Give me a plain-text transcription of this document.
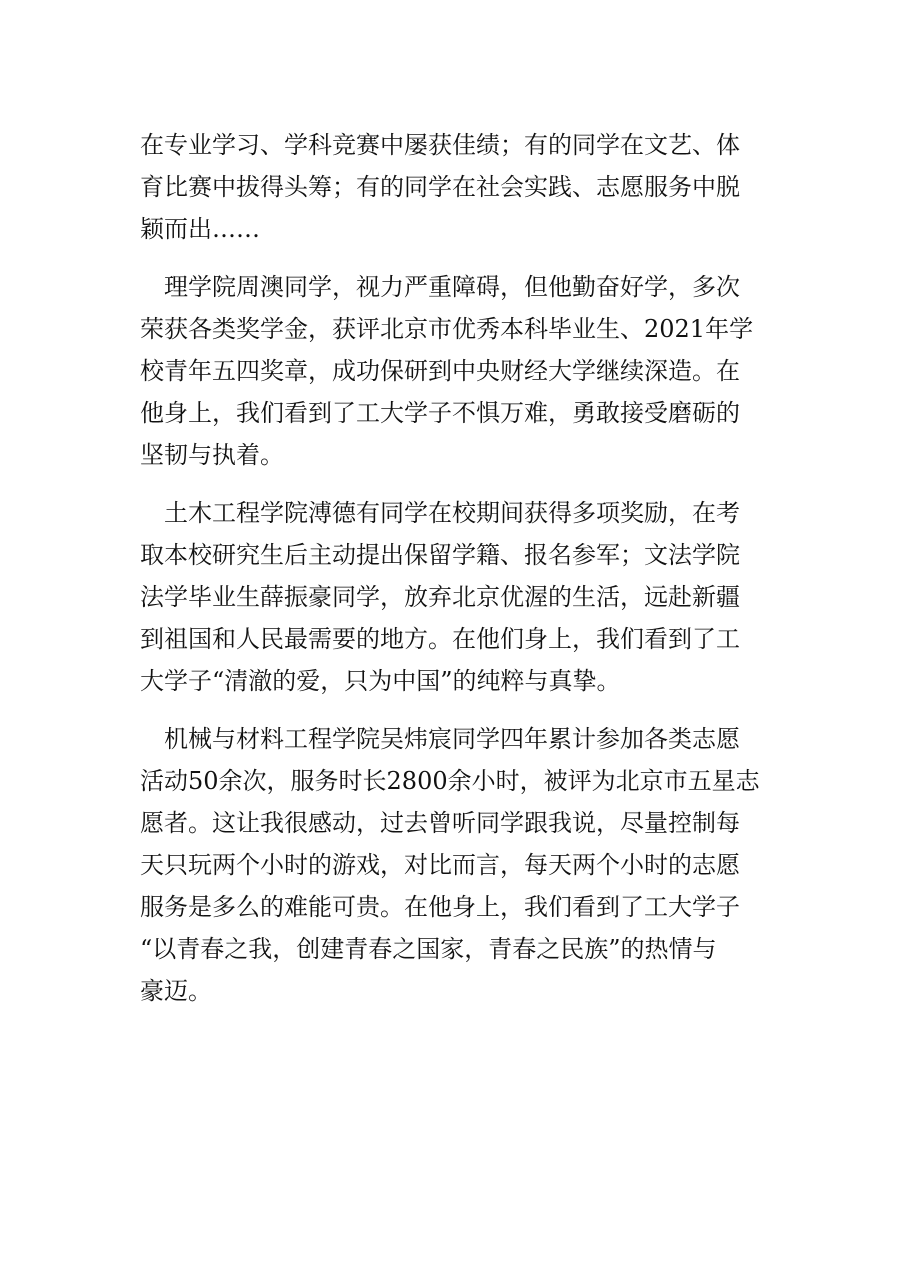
在专业学习、学科竞赛中屡获佳绩；有的同学在文艺、体
育比赛中拔得头筹；有的同学在社会实践、志愿服务中脱
颖而出……

　理学院周澳同学，视力严重障碍，但他勤奋好学，多次
荣获各类奖学金，获评北京市优秀本科毕业生、2021年学
校青年五四奖章，成功保研到中央财经大学继续深造。在
他身上，我们看到了工大学子不惧万难，勇敢接受磨砺的
坚韧与执着。

　土木工程学院溥德有同学在校期间获得多项奖励，在考
取本校研究生后主动提出保留学籍、报名参军；文法学院
法学毕业生薛振豪同学，放弃北京优渥的生活，远赴新疆
到祖国和人民最需要的地方。在他们身上，我们看到了工
大学子“清澈的爱，只为中国”的纯粹与真挚。

　机械与材料工程学院吴炜宸同学四年累计参加各类志愿
活动50余次，服务时长2800余小时，被评为北京市五星志
愿者。这让我很感动，过去曾听同学跟我说，尽量控制每
天只玩两个小时的游戏，对比而言，每天两个小时的志愿
服务是多么的难能可贵。在他身上，我们看到了工大学子
“以青春之我，创建青春之国家，青春之民族”的热情与
豪迈。
